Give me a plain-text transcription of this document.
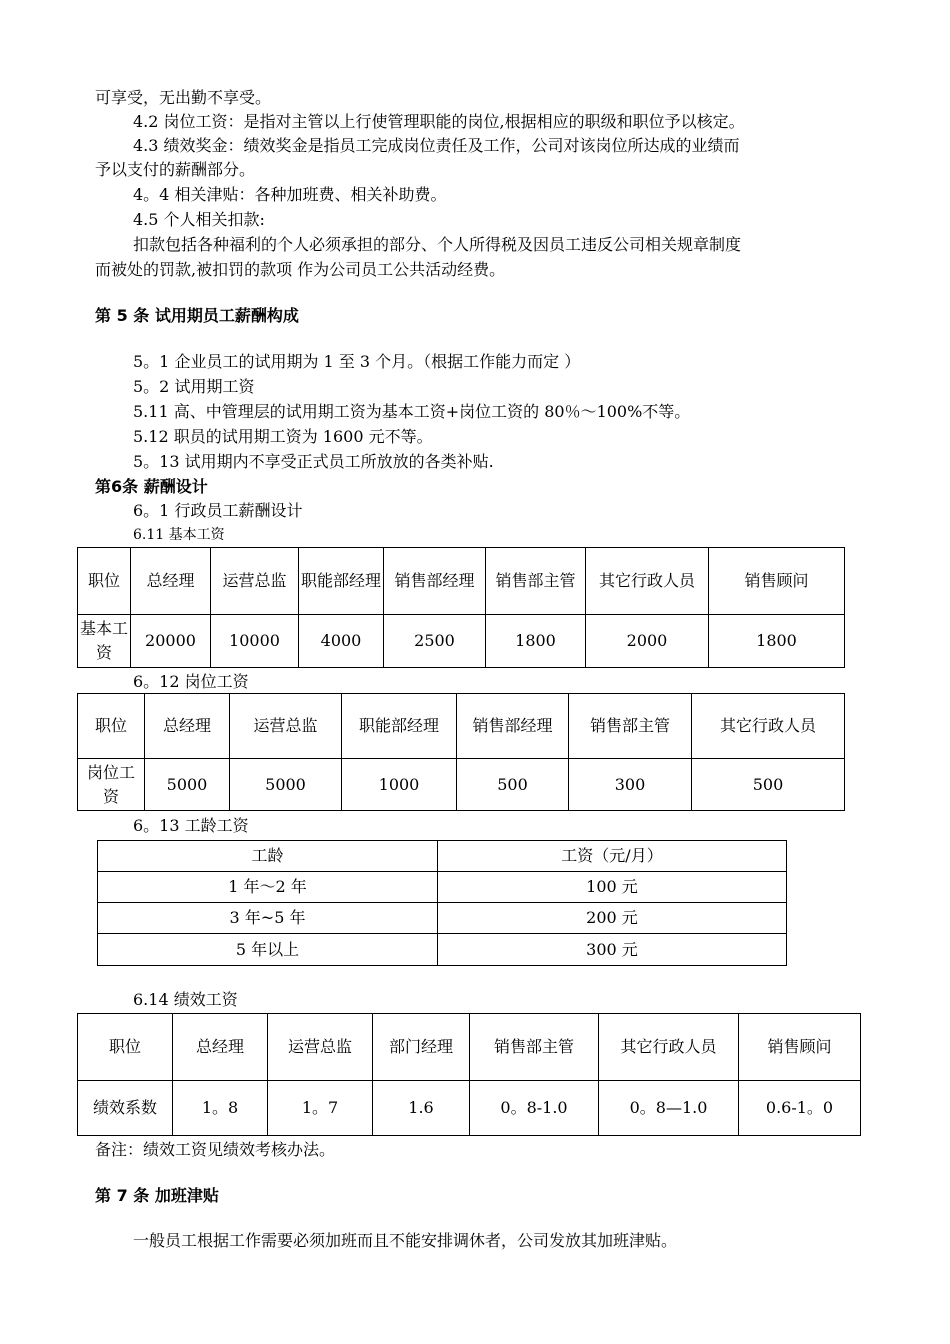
可享受，无出勤不享受。
4.2 岗位工资：是指对主管以上行使管理职能的岗位,根据相应的职级和职位予以核定。
4.3 绩效奖金：绩效奖金是指员工完成岗位责任及工作，公司对该岗位所达成的业绩而
予以支付的薪酬部分。
4。4 相关津贴：各种加班费、相关补助费。
4.5 个人相关扣款:
扣款包括各种福利的个人必须承担的部分、个人所得税及因员工违反公司相关规章制度
而被处的罚款,被扣罚的款项 作为公司员工公共活动经费。
第 5 条 试用期员工薪酬构成
5。1 企业员工的试用期为 1 至 3 个月。（根据工作能力而定 ）
5。2 试用期工资
5.11 高、中管理层的试用期工资为基本工资+岗位工资的 80％～100%不等。
5.12 职员的试用期工资为 1600 元不等。
5。13 试用期内不享受正式员工所放放的各类补贴.
第6条 薪酬设计
6。1 行政员工薪酬设计
6.11 基本工资
职位	总经理	运营总监	职能部经理	销售部经理	销售部主管	其它行政人员	销售顾问
基本工资	20000	10000	4000	2500	1800	2000	1800
6。12 岗位工资
职位	总经理	运营总监	职能部经理	销售部经理	销售部主管	其它行政人员
岗位工资	5000	5000	1000	500	300	500
6。13 工龄工资
工龄	工资（元/月）
1 年～2 年	100 元
3 年~5 年	200 元
5 年以上	300 元
6.14 绩效工资
职位	总经理	运营总监	部门经理	销售部主管	其它行政人员	销售顾问
绩效系数	1。8	1。7	1.6	0。8-1.0	0。8—1.0	0.6-1。0
备注：绩效工资见绩效考核办法。
第 7 条 加班津贴
一般员工根据工作需要必须加班而且不能安排调休者，公司发放其加班津贴。
